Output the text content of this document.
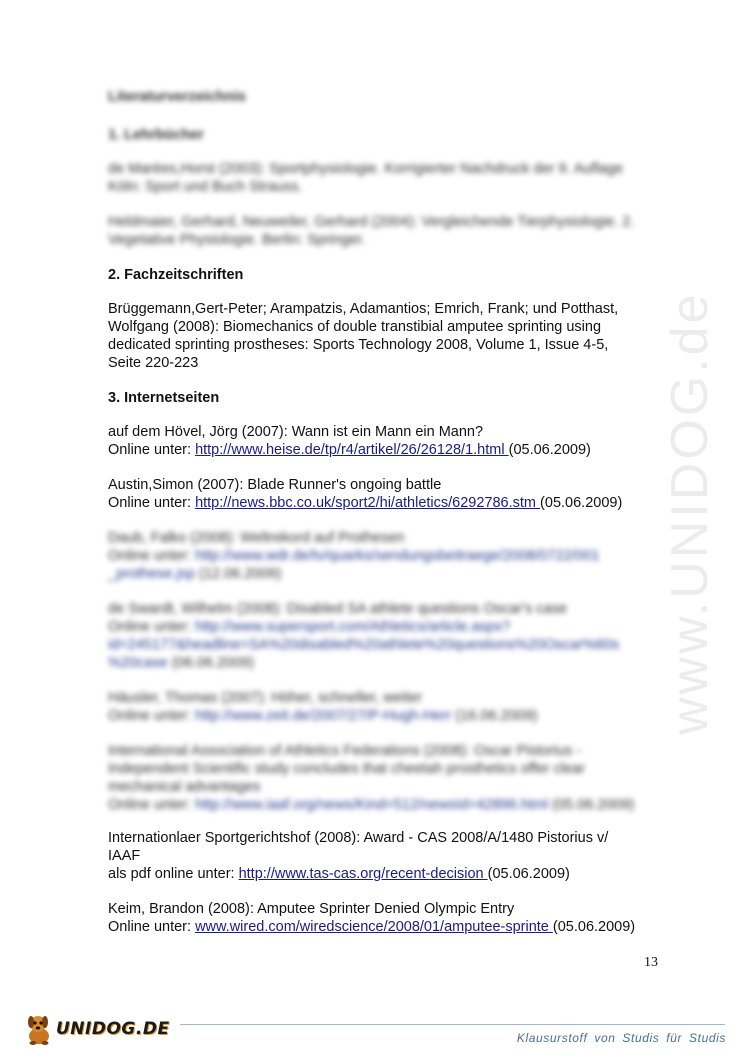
www.UNIDOG.de
Literaturverzeichnis
1. Lehrbücher
de Marées,Horst (2003): Sportphysiologie. Korrigierter Nachdruck der 9. Auflage
Köln: Sport und Buch Strauss.
Heldmaier, Gerhard, Neuweiler, Gerhard (2004): Vergleichende Tierphysiologie. 2.
Vegetative Physiologie. Berlin: Springer.
2. Fachzeitschriften
Brüggemann,Gert-Peter; Arampatzis, Adamantios; Emrich, Frank; und Potthast,
Wolfgang (2008): Biomechanics of double transtibial amputee sprinting using
dedicated sprinting prostheses: Sports Technology 2008, Volume 1, Issue 4-5,
Seite 220-223
3. Internetseiten
auf dem Hövel, Jörg (2007): Wann ist ein Mann ein Mann?
Online unter: http://www.heise.de/tp/r4/artikel/26/26128/1.html (05.06.2009)
Austin,Simon (2007): Blade Runner's ongoing battle
Online unter: http://news.bbc.co.uk/sport2/hi/athletics/6292786.stm (05.06.2009)
Daub, Falko (2008): Weltrekord auf Prothesen
Online unter: http://www.wdr.de/tv/quarks/sendungsbeitraege/2008/0722/001
_prothese.jsp (12.06.2009)
de Swardt, Wilhelm (2008): Disabled SA athlete questions Oscar's case
Online unter: http://www.supersport.com/Athletics/article.aspx?
id=245177&headline=SA%20disabled%20athlete%20questions%20Oscar%60s
%20case (06.06.2009)
Häusler, Thomas (2007): Höher, schneller, weiter
Online unter: http://www.zeit.de/2007/27/P-Hugh-Herr (16.06.2009)
International Association of Athletics Federations (2008): Oscar Pistorius -
Independent Scientific study concludes that cheetah prosthetics offer clear
mechanical advantages
Online unter: http://www.iaaf.org/news/Kind=512/newsId=42896.html (05.06.2009)
Internationlaer Sportgerichtshof (2008): Award - CAS 2008/A/1480 Pistorius v/
IAAF
als pdf online unter: http://www.tas-cas.org/recent-decision (05.06.2009)
Keim, Brandon (2008): Amputee Sprinter Denied Olympic Entry
Online unter: www.wired.com/wiredscience/2008/01/amputee-sprinte (05.06.2009)
13
UNIDOG.DE	Klausurstoff von Studis für Studis
